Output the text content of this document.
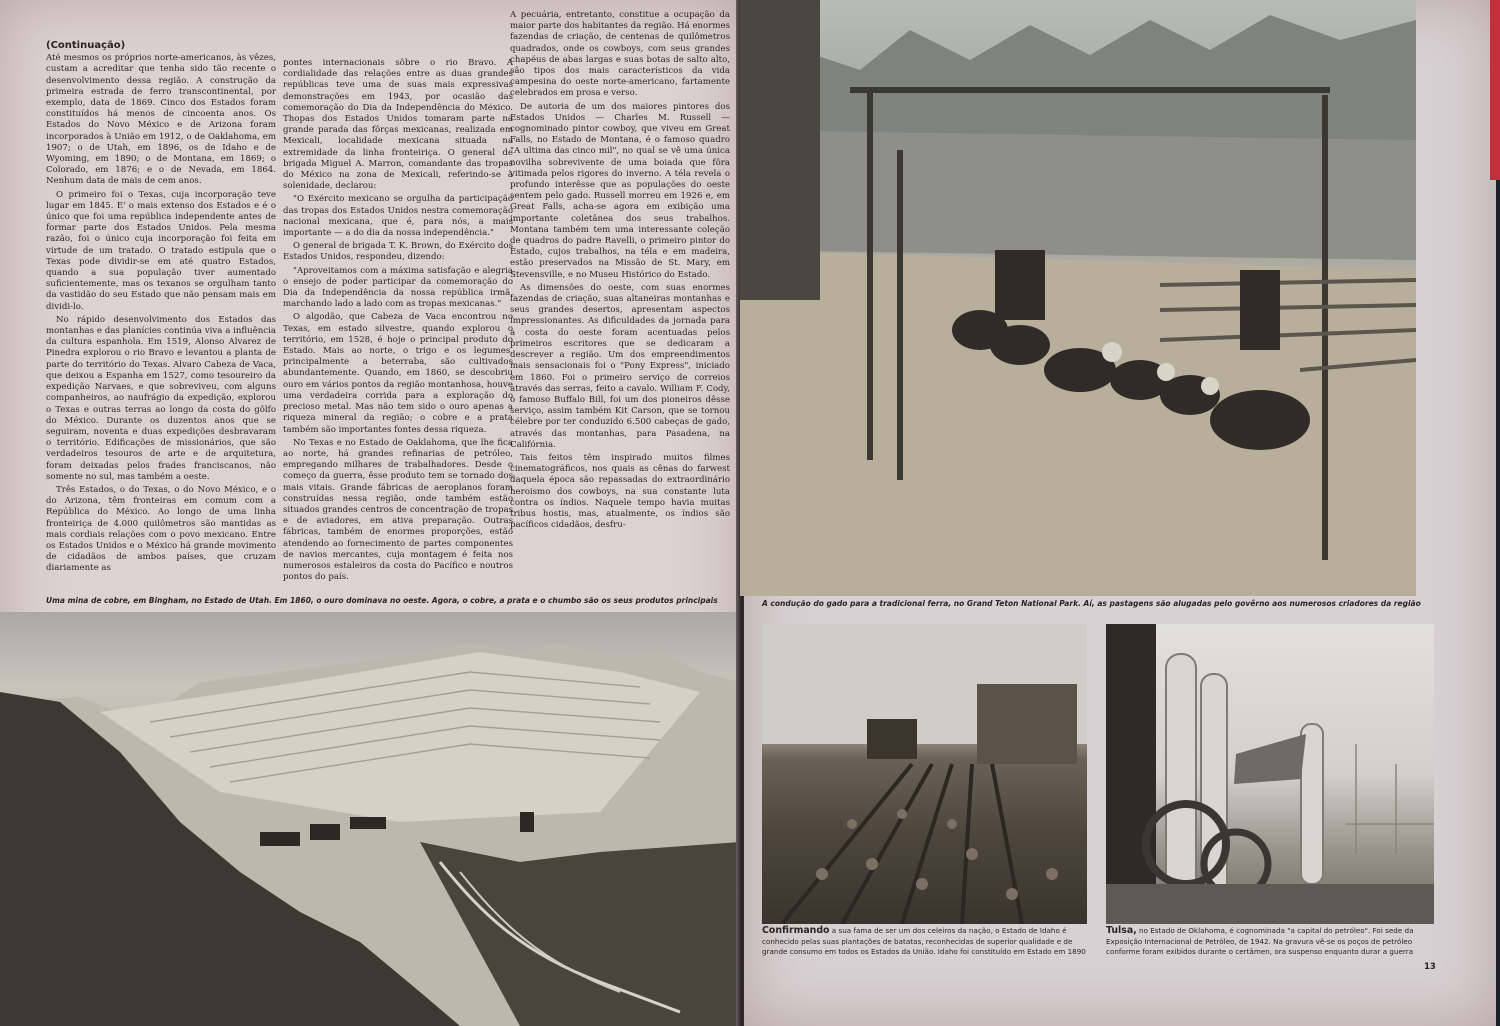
(Continuação)

Até mesmos os próprios norte-americanos, às vêzes, custam a acreditar que tenha sido tão recente o desenvolvimento dessa região. A construção da primeira estrada de ferro transcontinental, por exemplo, data de 1869. Cinco dos Estados foram constituídos há menos de cincoenta anos. Os Estados do Novo México e de Arizona foram incorporados à União em 1912, o de Oaklahoma, em 1907; o de Utah, em 1896, os de Idaho e de Wyoming, em 1890; o de Montana, em 1869; o Colorado, em 1876; e o de Nevada, em 1864. Nenhum data de mais de cem anos.

O primeiro foi o Texas, cuja incorporação teve lugar em 1845. E' o mais extenso dos Estados e é o único que foi uma república independente antes de formar parte dos Estados Unidos. Pela mesma razão, foi o único cuja incorporação foi feita em virtude de um tratado. O tratado estipula que o Texas pode dividir-se em até quatro Estados, quando a sua população tiver aumentado suficientemente, mas os texanos se orgulham tanto da vastidão do seu Estado que não pensam mais em dividi-lo.

No rápido desenvolvimento dos Estados das montanhas e das planícies continúa viva a influência da cultura espanhola. Em 1519, Alonso Alvarez de Pinedra explorou o rio Bravo e levantou a planta de parte do território do Texas. Alvaro Cabeza de Vaca, que deixou a Espanha em 1527, como tesoureiro da expedição Narvaes, e que sobreviveu, com alguns companheiros, ao naufrágio da expedição, explorou o Texas e outras terras ao longo da costa do gôlfo do México. Durante os duzentos anos que se seguiram, noventa e duas expedições desbravaram o território. Edificações de missionários, que são verdadeiros tesouros de arte e de arquitetura, foram deixadas pelos frades franciscanos, não somente no sul, mas também a oeste.

Três Estados, o do Texas, o do Novo México, e o do Arizona, têm fronteiras em comum com a República do México. Ao longo de uma linha fronteiriça de 4.000 quilômetros são mantidas as mais cordiais relações com o povo mexicano. Entre os Estados Unidos e o México há grande movimento de cidadãos de ambos países, que cruzam diariamente as

pontes internacionais sôbre o rio Bravo. A cordialidade das relações entre as duas grandes repúblicas teve uma de suas mais expressivas demonstrações em 1943, por ocasião das comemoração do Dia da Independência do México. Thopas dos Estados Unidos tomaram parte na grande parada das fôrças mexicanas, realizada em Mexicali, localidade mexicana situada na extremidade da linha fronteiriça. O general de brigada Miguel A. Marron, comandante das tropas do México na zona de Mexicali, referindo-se à solenidade, declarou:

"O Exército mexicano se orgulha da participação das tropas dos Estados Unidos nestra comemoração nacional mexicana, que é, para nós, a mais importante — a do dia da nossa independência."

O general de brigada T. K. Brown, do Exército dos Estados Unidos, respondeu, dizendo:

"Aproveitamos com a máxima satisfação e alegria o ensejo de poder participar da comemoração do Dia da Independência da nossa república irmã, marchando lado a lado com as tropas mexicanas."

O algodão, que Cabeza de Vaca encontrou no Texas, em estado silvestre, quando explorou o território, em 1528, é hoje o principal produto do Estado. Mais ao norte, o trigo e os legumes, principalmente a beterraba, são cultivados abundantemente. Quando, em 1860, se descobriu ouro em vários pontos da região montanhosa, houve uma verdadeira corrida para a exploração do precioso metal. Mas não tem sido o ouro apenas a riqueza mineral da região; o cobre e a prata também são importantes fontes dessa riqueza.

No Texas e no Estado de Oaklahoma, que lhe fica ao norte, há grandes refinarias de petróleo, empregando milhares de trabalhadores. Desde o começo da guerra, êsse produto tem se tornado dos mais vitais. Grande fábricas de aeroplanos foram construídas nessa região, onde também estão situados grandes centros de concentração de tropas e de aviadores, em ativa preparação. Outras fábricas, também de enormes proporções, estão atendendo ao fornecimento de partes componentes de navios mercantes, cuja montagem é feita nos numerosos estaleiros da costa do Pacífico e noutros pontos do país.

A pecuária, entretanto, constitue a ocupação da maior parte dos habitantes da região. Há enormes fazendas de criação, de centenas de quilômetros quadrados, onde os cowboys, com seus grandes chapéus de abas largas e suas botas de salto alto, são tipos dos mais característicos da vida campesina do oeste norte-americano, fartamente celebrados em prosa e verso.

De autoria de um dos maiores pintores dos Estados Unidos — Charles M. Russell — cognominado pintor cowboy, que viveu em Great Falls, no Estado de Montana, é o famoso quadro "A ultima das cinco mil", no qual se vê uma única novilha sobrevivente de uma boiada que fôra vitimada pelos rigores do inverno. A téla revela o profundo interêsse que as populações do oeste sentem pelo gado. Russell morreu em 1926 e, em Great Falls, acha-se agora em exibição uma importante coletânea dos seus trabalhos. Montana também tem uma interessante coleção de quadros do padre Ravelli, o primeiro pintor do Estado, cujos trabalhos, na téla e em madeira, estão preservados na Missão de St. Mary, em Stevensville, e no Museu Histórico do Estado.

As dimensões do oeste, com suas enormes fazendas de criação, suas altaneiras montanhas e seus grandes desertos, apresentam aspectos impressionantes. As dificuldades da jornada para a costa do oeste foram acentuadas pelos primeiros escritores que se dedicaram a descrever a região. Um dos empreendimentos mais sensacionais foi o "Pony Express", iniciado em 1860. Foi o primeiro serviço de correios através das serras, feito a cavalo. William F. Cody, o famoso Buffalo Bill, foi um dos pioneiros dêsse serviço, assim também Kit Carson, que se tornou célebre por ter conduzido 6.500 cabeças de gado, através das montanhas, para Pasadena, na Califórnia.

Tais feitos têm inspirado muitos filmes cinematográficos, nos quais as cênas do farwest daquela época são repassadas do extraordinário heroismo dos cowboys, na sua constante luta contra os índios. Naquele tempo havia muitas tribus hostis, mas, atualmente, os índios são pacíficos cidadãos, desfru-

Uma mina de cobre, em Bingham, no Estado de Utah. Em 1860, o ouro dominava no oeste. Agora, o cobre, a prata e o chumbo são os seus produtos principais	A condução do gado para a tradicional ferra, no Grand Teton National Park. Aí, as pastagens são alugadas pelo govêrno aos numerosos criadores da região
Confirmando a sua fama de ser um dos celeiros da nação, o Estado de Idaho é conhecido pelas suas plantações de batatas, reconhecidas de superior qualidade e de grande consumo em todos os Estados da União. Idaho foi constituído em Estado em 1890
Tulsa, no Estado de Oklahoma, é cognominada "a capital do petróleo". Foi sede da Exposição Internacional de Petróleo, de 1942. Na gravura vê-se os poços de petróleo conforme foram exibidos durante o certâmen, ora suspenso enquanto durar a guerra
13
